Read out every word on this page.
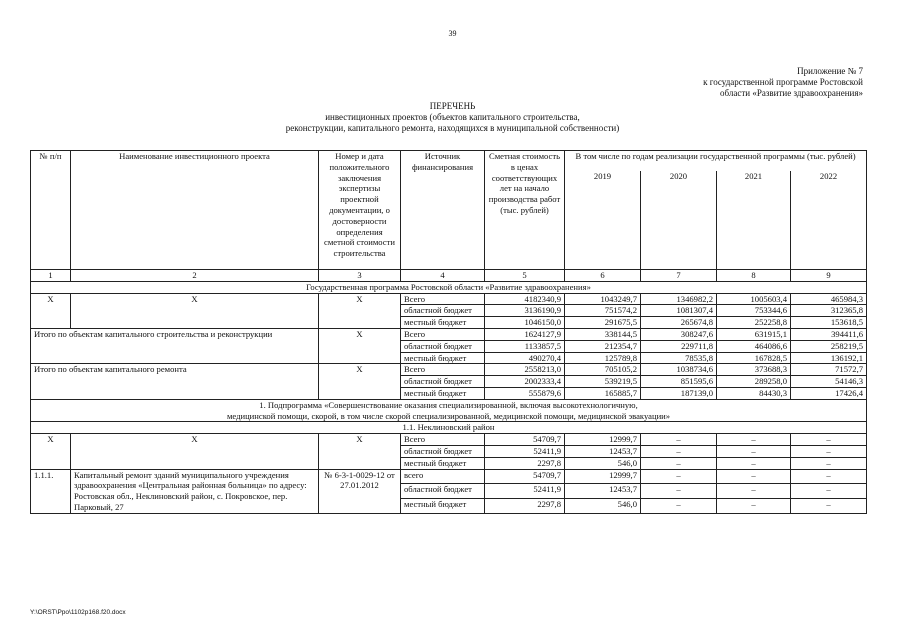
39
Приложение № 7
к государственной программе Ростовской
области «Развитие здравоохранения»
ПЕРЕЧЕНЬ
инвестиционных проектов (объектов капитального строительства,
реконструкции, капитального ремонта, находящихся в муниципальной собственности)
№ п/п	Наименование инвестиционного проекта	Номер и дата положительного заключения экспертизы проектной документации, о достоверности определения сметной стоимости строительства	Источник финансирования	Сметная стоимость в ценах соответствующих лет на начало производства работ (тыс. рублей)	В том числе по годам реализации государственной программы (тыс. рублей)			
					2019	2020	2021	2022
1	2	3	4	5	6	7	8	9
Государственная программа Ростовской области «Развитие здравоохранения»								
Х	Х	Х	Всего	4182340,9	1043249,7	1346982,2	1005603,4	465984,3
			областной бюджет	3136190,9	751574,2	1081307,4	753344,6	312365,8
			местный бюджет	1046150,0	291675,5	265674,8	252258,8	153618,5
Итого по объектам капитального строительства и реконструкции		Х	Всего	1624127,9	338144,5	308247,6	631915,1	394411,6
			областной бюджет	1133857,5	212354,7	229711,8	464086,6	258219,5
			местный бюджет	490270,4	125789,8	78535,8	167828,5	136192,1
Итого по объектам капитального ремонта		Х	Всего	2558213,0	705105,2	1038734,6	373688,3	71572,7
			областной бюджет	2002333,4	539219,5	851595,6	289258,0	54146,3
			местный бюджет	555879,6	165885,7	187139,0	84430,3	17426,4

1. Подпрограмма «Совершенствование оказания специализированной, включая высокотехнологичную,
медицинской помощи, скорой, в том числе скорой специализированной, медицинской помощи, медицинской эвакуации»								

1.1. Неклиновский район								
Х	Х	Х	Всего	54709,7	12999,7	–	–	–
			областной бюджет	52411,9	12453,7	–	–	–
			местный бюджет	2297,8	546,0	–	–	–
1.1.1.	Капитальный ремонт зданий муниципального учреждения здравоохранения «Центральная районная больница» по адресу: Ростовская обл., Неклиновский район, с. Покровское, пер. Парковый, 27	№ 6-3-1-0029-12 от 27.01.2012	всего	54709,7	12999,7	–	–	–
			областной бюджет	52411,9	12453,7	–	–	–
			местный бюджет	2297,8	546,0	–	–	–
Y:\ORST\Ppo\1102p168.f20.docx
